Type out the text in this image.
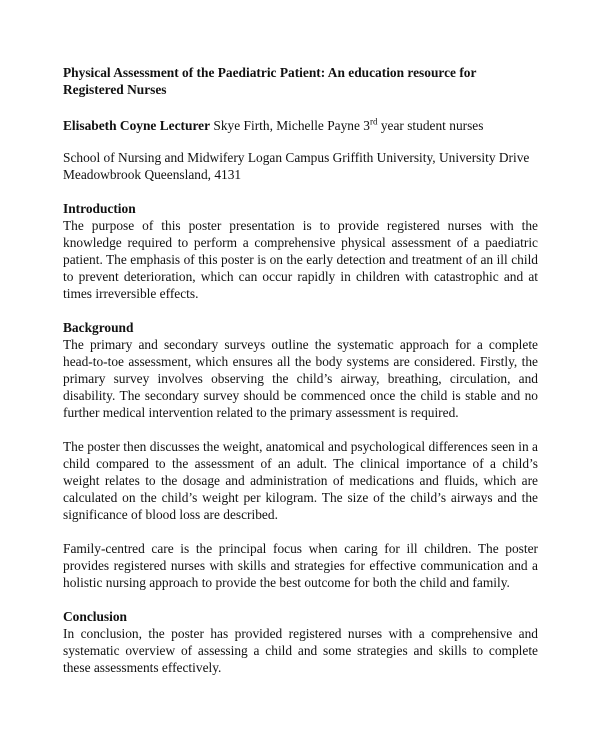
Physical Assessment of the Paediatric Patient: An education resource for Registered Nurses

Elisabeth Coyne Lecturer Skye Firth, Michelle Payne 3rd year student nurses

School of Nursing and Midwifery Logan Campus Griffith University, University Drive Meadowbrook Queensland, 4131

Introduction

The purpose of this poster presentation is to provide registered nurses with the knowledge required to perform a comprehensive physical assessment of a paediatric patient. The emphasis of this poster is on the early detection and treatment of an ill child to prevent deterioration, which can occur rapidly in children with catastrophic and at times irreversible effects.

Background

The primary and secondary surveys outline the systematic approach for a complete head-to-toe assessment, which ensures all the body systems are considered. Firstly, the primary survey involves observing the child’s airway, breathing, circulation, and disability. The secondary survey should be commenced once the child is stable and no further medical intervention related to the primary assessment is required.

The poster then discusses the weight, anatomical and psychological differences seen in a child compared to the assessment of an adult. The clinical importance of a child’s weight relates to the dosage and administration of medications and fluids, which are calculated on the child’s weight per kilogram. The size of the child’s airways and the significance of blood loss are described.

Family-centred care is the principal focus when caring for ill children. The poster provides registered nurses with skills and strategies for effective communication and a holistic nursing approach to provide the best outcome for both the child and family.

Conclusion

In conclusion, the poster has provided registered nurses with a comprehensive and systematic overview of assessing a child and some strategies and skills to complete these assessments effectively.
